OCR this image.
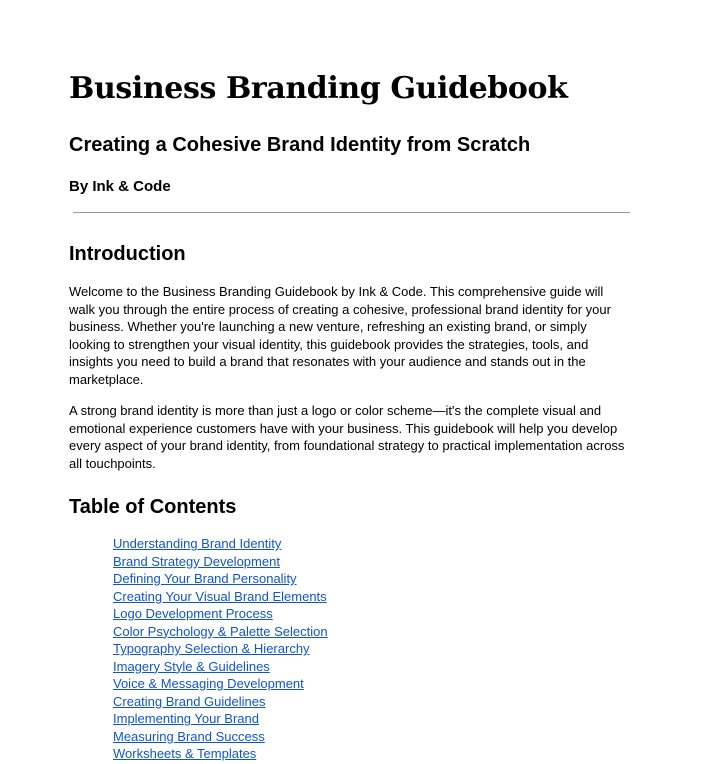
Business Branding Guidebook
Creating a Cohesive Brand Identity from Scratch

By Ink & Code

Introduction

Welcome to the Business Branding Guidebook by Ink & Code. This comprehensive guide will walk you through the entire process of creating a cohesive, professional brand identity for your business. Whether you're launching a new venture, refreshing an existing brand, or simply looking to strengthen your visual identity, this guidebook provides the strategies, tools, and insights you need to build a brand that resonates with your audience and stands out in the marketplace.

A strong brand identity is more than just a logo or color scheme—it's the complete visual and emotional experience customers have with your business. This guidebook will help you develop every aspect of your brand identity, from foundational strategy to practical implementation across all touchpoints.

Table of Contents
Understanding Brand Identity
Brand Strategy Development
Defining Your Brand Personality
Creating Your Visual Brand Elements
Logo Development Process
Color Psychology & Palette Selection
Typography Selection & Hierarchy
Imagery Style & Guidelines
Voice & Messaging Development
Creating Brand Guidelines
Implementing Your Brand
Measuring Brand Success
Worksheets & Templates
